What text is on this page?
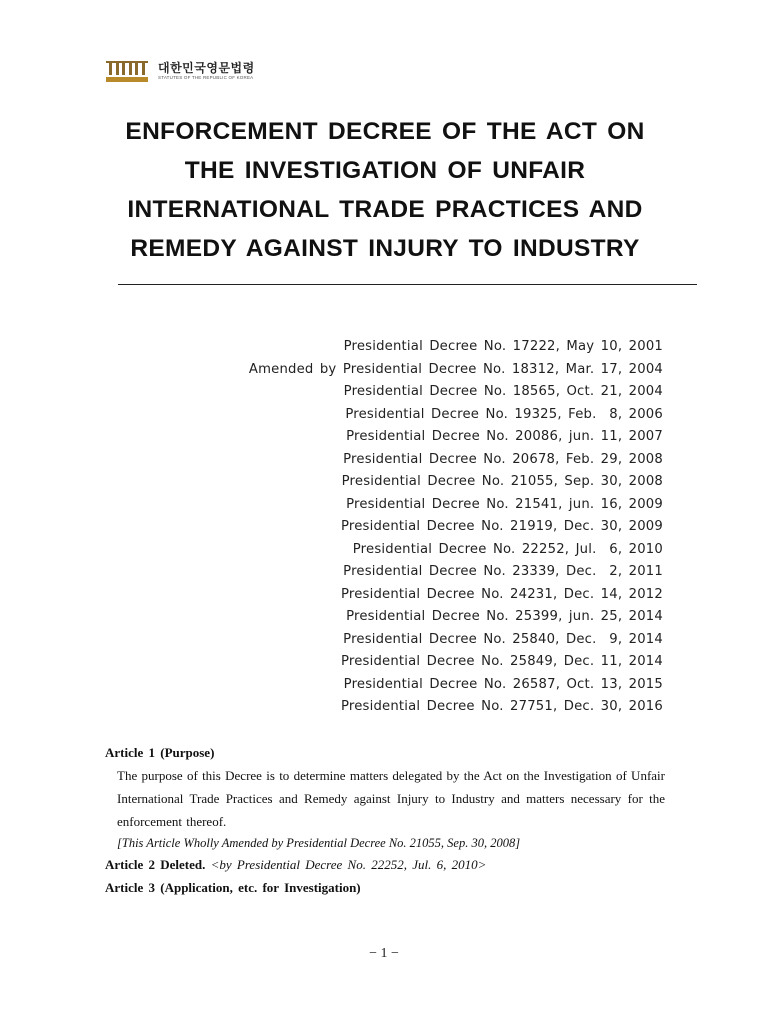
대한민국영문법령
STATUTES OF THE REPUBLIC OF KOREA
ENFORCEMENT DECREE OF THE ACT ON
THE INVESTIGATION OF UNFAIR
INTERNATIONAL TRADE PRACTICES AND
REMEDY AGAINST INJURY TO INDUSTRY
Presidential Decree No. 17222, May 10, 2001
Amended by Presidential Decree No. 18312, Mar. 17, 2004
Presidential Decree No. 18565, Oct. 21, 2004
Presidential Decree No. 19325, Feb.  8, 2006
Presidential Decree No. 20086, jun. 11, 2007
Presidential Decree No. 20678, Feb. 29, 2008
Presidential Decree No. 21055, Sep. 30, 2008
Presidential Decree No. 21541, jun. 16, 2009
Presidential Decree No. 21919, Dec. 30, 2009
Presidential Decree No. 22252, Jul.  6, 2010
Presidential Decree No. 23339, Dec.  2, 2011
Presidential Decree No. 24231, Dec. 14, 2012
Presidential Decree No. 25399, jun. 25, 2014
Presidential Decree No. 25840, Dec.  9, 2014
Presidential Decree No. 25849, Dec. 11, 2014
Presidential Decree No. 26587, Oct. 13, 2015
Presidential Decree No. 27751, Dec. 30, 2016
Article 1 (Purpose)
The purpose of this Decree is to determine matters delegated by the Act on the Investigation of Unfair International Trade Practices and Remedy against Injury to Industry and matters necessary for the enforcement thereof.
[This Article Wholly Amended by Presidential Decree No. 21055, Sep. 30, 2008]
Article 2 Deleted. <by Presidential Decree No. 22252, Jul. 6, 2010>
Article 3 (Application, etc. for Investigation)
− 1 −
